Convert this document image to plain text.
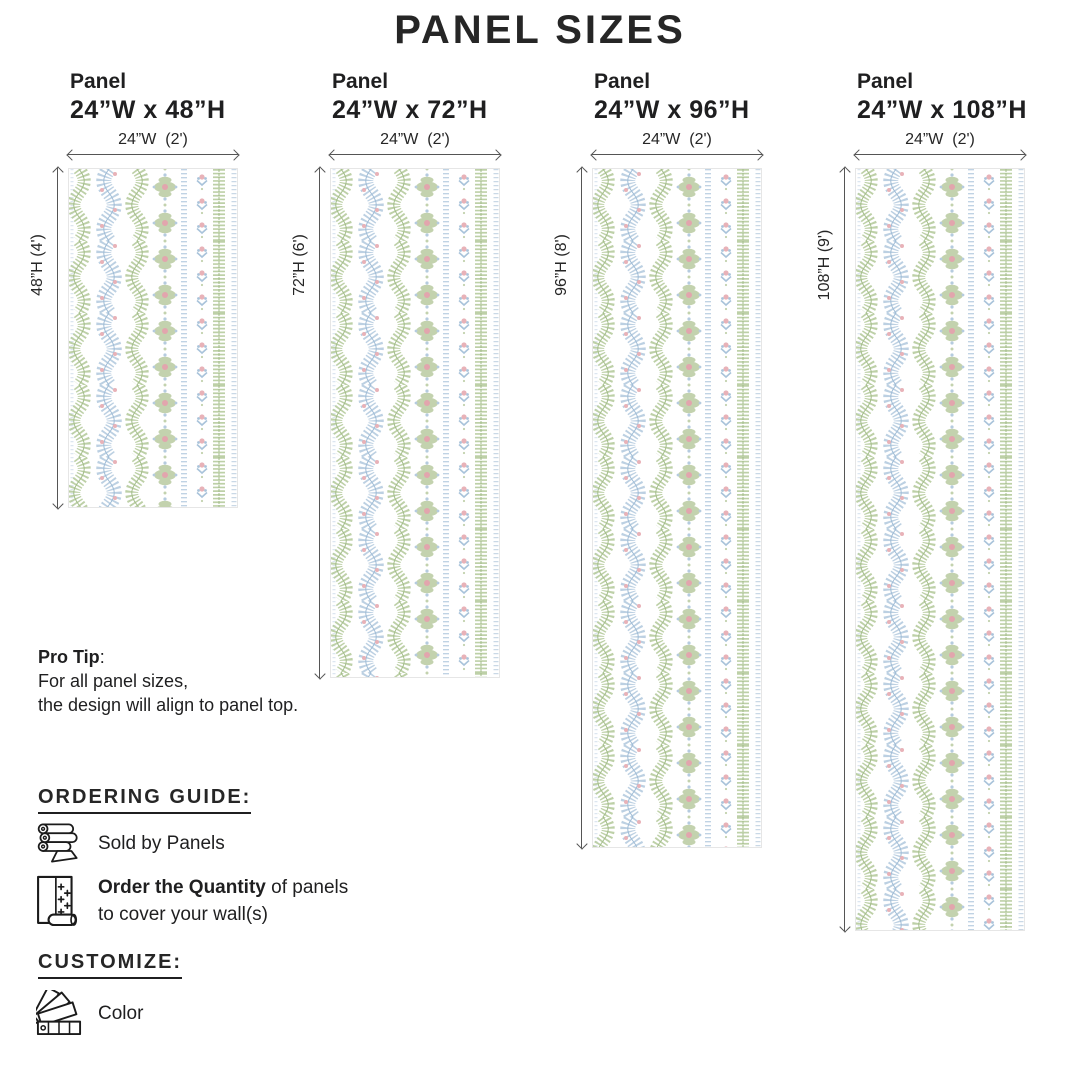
PANEL SIZES
Panel
24”W x 48”H
24”W  (2')
48”H (4')
Panel
24”W x 72”H
24”W  (2')
72”H (6')
Panel
24”W x 96”H
24”W  (2')
96”H (8')
Panel
24”W x 108”H
24”W  (2')
108”H (9')
Pro Tip:
For all panel sizes,
the design will align to panel top.
ORDERING GUIDE:
Sold by Panels
Order the Quantity of panels
to cover your wall(s)
CUSTOMIZE:
Color
